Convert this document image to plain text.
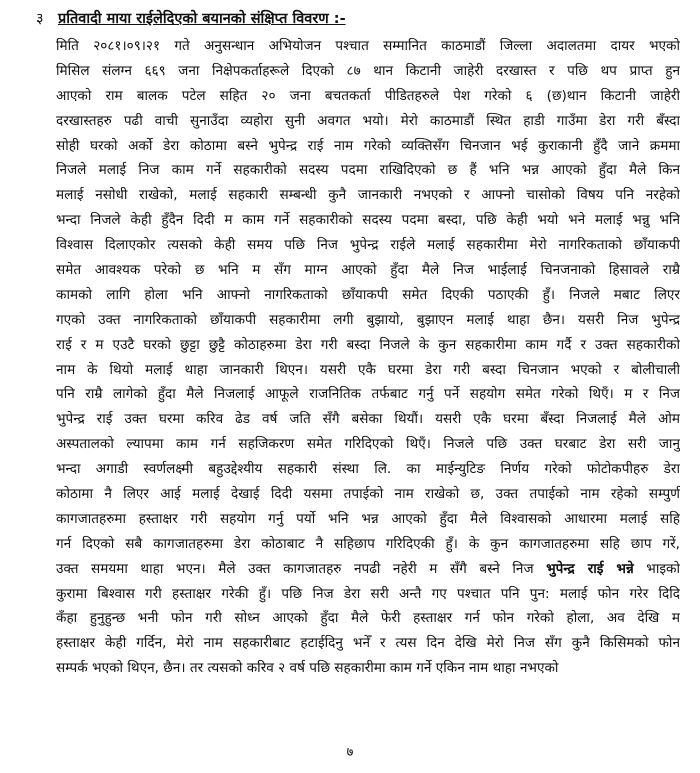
३ प्रतिवादी माया राईलेदिएको बयानको संक्षिप्त विवरण :-
मिति २०८१।०९।२१ गते अनुसन्धान अभियोजन पश्चात सम्मानित काठमाडौं जिल्ला अदालतमा दायर भएको
मिसिल संलग्न ६६९ जना निक्षेपकर्ताहरूले दिएको ८७ थान किटानी जाहेरी दरखास्त र पछि थप प्राप्त हुन
आएको राम बालक पटेल सहित २० जना बचतकर्ता पीडितहरुले पेश गरेको ६ (छ)थान किटानी जाहेरी
दरखास्तहरु पढी वाची सुनाउँदा व्यहोरा सुनी अवगत भयो। मेरो काठमाडौं स्थित हाडी गाउँमा डेरा गरी बँस्दा
सोही घरको अर्को डेरा कोठामा बस्ने भुपेन्द्र राई नाम गरेको व्यक्तिसँग चिनजान भई कुराकानी हुँदै जाने क्रममा
निजले मलाई निज काम गर्ने सहकारीको सदस्य पदमा राखिदिएको छ हैं भनि भन्न आएको हुँदा मैले किन
मलाई नसोधी राखेको, मलाई सहकारी सम्बन्धी कुनै जानकारी नभएको र आफ्नो चासोको विषय पनि नरहेको
भन्दा निजले केही हुँदैन दिदी म काम गर्ने सहकारीको सदस्य पदमा बस्दा, पछि केही भयो भने मलाई भन्नु भनि
विश्वास दिलाएकोर त्यसको केही समय पछि निज भुपेन्द्र राईले मलाई सहकारीमा मेरो नागरिकताको छाँयाकपी
समेत आवश्यक परेको छ भनि म सँग माग्न आएको हुँदा मैले निज भाईलाई चिनजनाको हिसावले राम्रै
कामको लागि होला भनि आफ्नो नागरिकताको छाँयाकपी समेत दिएकी पठाएकी हुँ। निजले मबाट लिएर
गएको उक्त नागरिकताको छाँयाकपी सहकारीमा लगी बुझायो, बुझाएन मलाई थाहा छैन। यसरी निज भुपेन्द्र
राई र म एउटै घरको छुट्टा छुट्टै कोठाहरुमा डेरा गरी बस्दा निजले के कुन सहकारीमा काम गर्दै र उक्त सहकारीको
नाम के थियो मलाई थाहा जानकारी थिएन। यसरी एकै घरमा डेरा गरी बस्दा चिनजान भएको र बोलीचाली
पनि राम्रै लागेको हुँदा मैले निजलाई आफूले राजनितिक तर्फबाट गर्नु पर्ने सहयोग समेत गरेको थिएँ। म र निज
भुपेन्द्र राई उक्त घरमा करिव ढेड वर्ष जति सँगै बसेका थियौं। यसरी एकै घरमा बँस्दा निजलाई मैले ओम
अस्पतालको ल्यापमा काम गर्न सहजिकरण समेत गरिदिएको थिएँ। निजले पछि उक्त घरबाट डेरा सरी जानु
भन्दा अगाडी स्वर्णलक्ष्मी बहुउद्देश्यीय सहकारी संस्था लि. का माईन्युटिङ निर्णय गरेको फोटोकपीहरु डेरा
कोठामा नै लिएर आई मलाई देखाई दिदी यसमा तपाईको नाम राखेको छ, उक्त तपाईको नाम रहेको सम्पुर्ण
कागजातहरुमा हस्ताक्षर गरी सहयोग गर्नु पर्यो भनि भन्न आएको हुँदा मैले विश्वासको आधारमा मलाई सहि
गर्न दिएको सबै कागजातहरुमा डेरा कोठाबाट नै सहिछाप गरिदिएकी हुँ। के कुन कागजातहरुमा सहि छाप गरें,
उक्त समयमा थाहा भएन। मैले उक्त कागजातहरु नपढी नहेरी म सँगै बस्ने निज भुपेन्द्र राई भन्ने भाइको
कुरामा बिश्वास गरी हस्ताक्षर गरेकी हुँ। पछि निज डेरा सरी अन्तै गए पश्चात पनि पुन: मलाई फोन गरेर दिदि
कँहा हुनुहुन्छ भनी फोन गरी सोध्न आएको हुँदा मैले फेरी हस्ताक्षर गर्न फोन गरेको होला, अव देखि म
हस्ताक्षर केही गर्दिन, मेरो नाम सहकारीबाट हटाईदिनु भनेँ र त्यस दिन देखि मेरो निज सँग कुनै किसिमको फोन
सम्पर्क भएको थिएन, छैन। तर त्यसको करिव २ वर्ष पछि सहकारीमा काम गर्ने एकिन नाम थाहा नभएको
७
